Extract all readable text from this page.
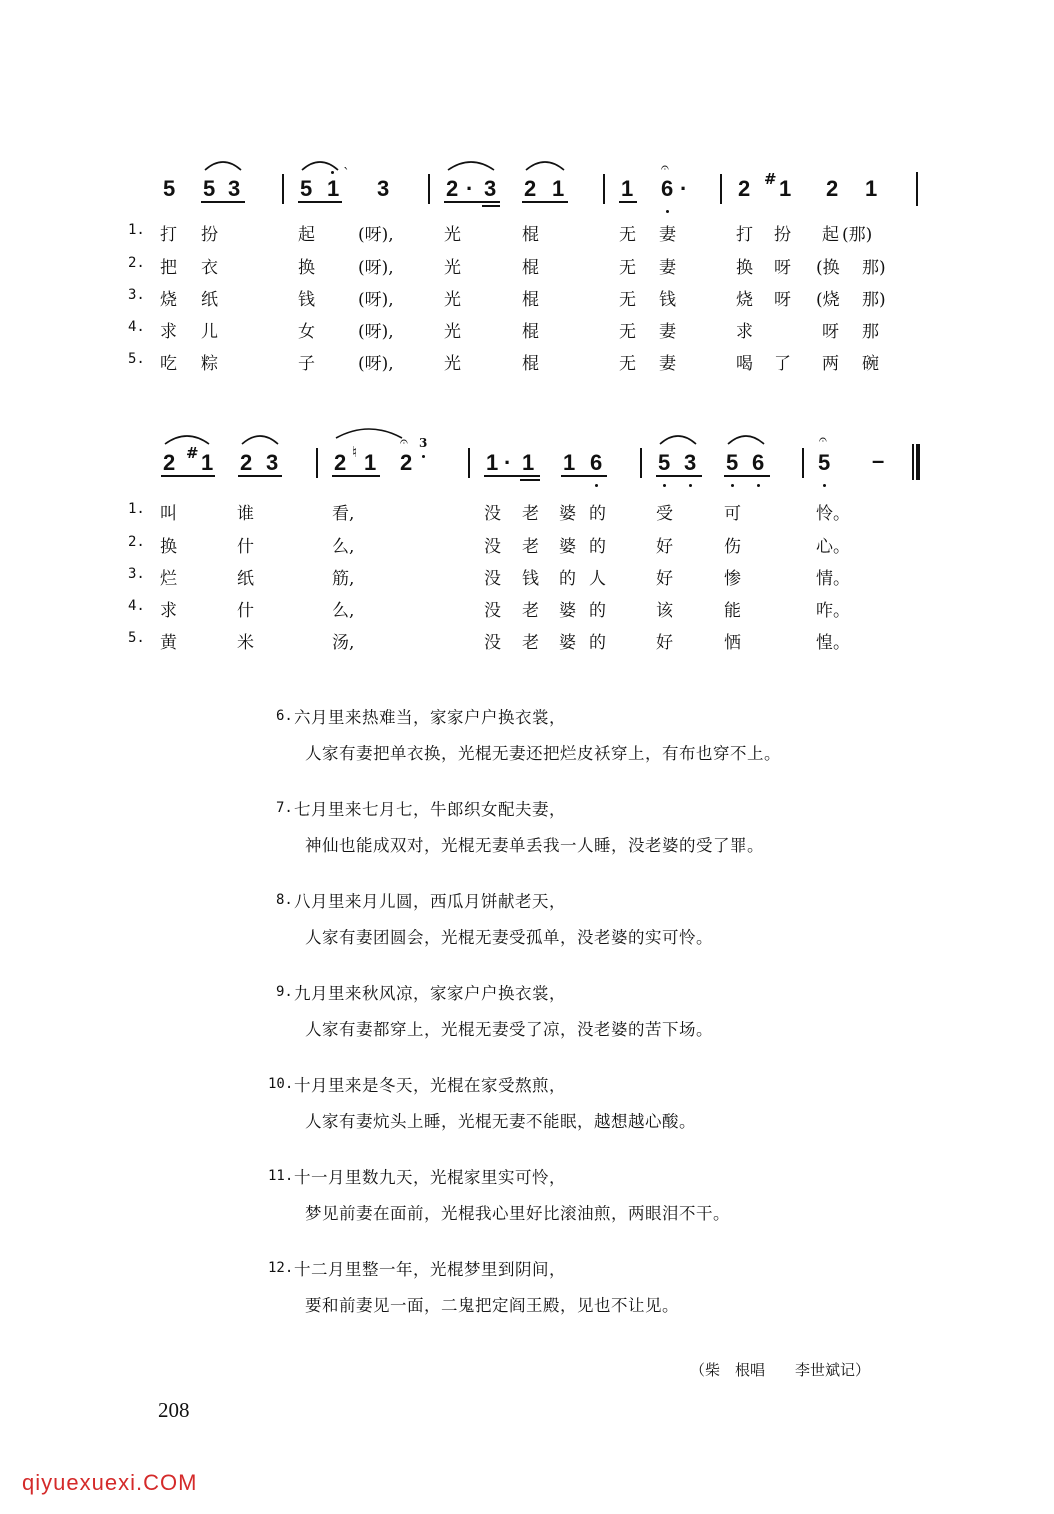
5 5 3	5 1
`
3	2 · 3 2 1	1 6 ·
𝄐
2 # 1 2 1
1. 打 扮	起	(呀),	光	棍	无 妻	打 扮 起 (那)
2. 把 衣	换	(呀),	光	棍	无 妻	换 呀 (换 那)
3. 烧 纸	钱	(呀),	光	棍	无 钱	烧 呀 (烧 那)
4. 求 儿	女	(呀),	光	棍	无 妻	求	呀 那
5. 吃 粽	子	(呀),	光	棍	无 妻	喝 了 两 碗
2 # 1 2 3	2 ♮ 1 2
3
𝄐
1 · 1 1 6	5 3 5 6 5
𝄐
–
1. 叫	谁	看,	没 老 婆 的	受	可	怜。
2. 换	什	么,	没 老 婆 的	好	伤	心。
3. 烂	纸	筋,	没 钱 的 人	好	惨	情。
4. 求	什	么,	没 老 婆 的	该	能	咋。
5. 黄	米	汤,	没 老 婆 的	好	恓	惶。
6. 六月里来热难当，家家户户换衣裳，
人家有妻把单衣换，光棍无妻还把烂皮袄穿上，有布也穿不上。
7. 七月里来七月七，牛郎织女配夫妻，
神仙也能成双对，光棍无妻单丢我一人睡，没老婆的受了罪。
8. 八月里来月儿圆，西瓜月饼献老天，
人家有妻团圆会，光棍无妻受孤单，没老婆的实可怜。
9. 九月里来秋风凉，家家户户换衣裳，
人家有妻都穿上，光棍无妻受了凉，没老婆的苦下场。
10. 十月里来是冬天，光棍在家受熬煎，
人家有妻炕头上睡，光棍无妻不能眠，越想越心酸。
11. 十一月里数九天，光棍家里实可怜，
梦见前妻在面前，光棍我心里好比滚油煎，两眼泪不干。
12. 十二月里整一年，光棍梦里到阴间，
要和前妻见一面，二鬼把定阎王殿，见也不让见。
（柴　根唱　　李世斌记）
208
qiyuexuexi.COM
